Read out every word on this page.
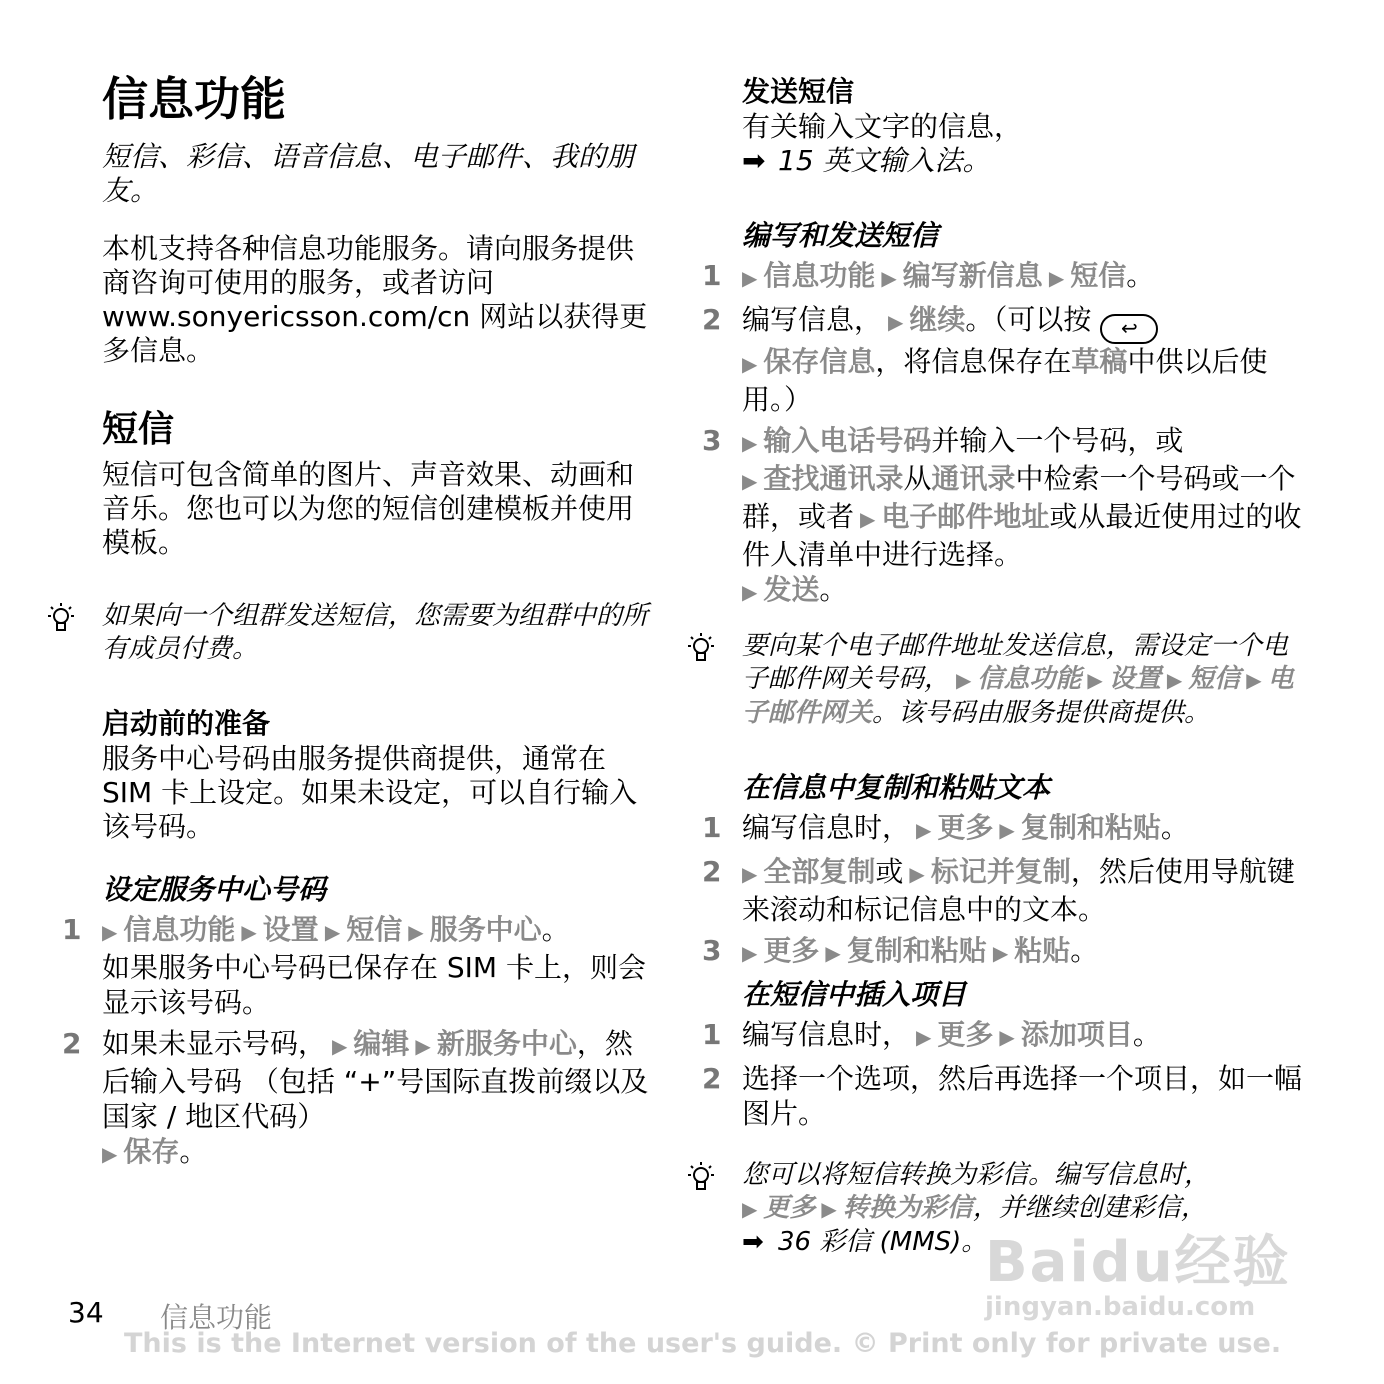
信息功能
短信、彩信、语音信息、电子邮件、我的朋友。
本机支持各种信息功能服务。请向服务提供商咨询可使用的服务，或者访问 www.sonyericsson.com/cn 网站以获得更多信息。
短信
短信可包含简单的图片、声音效果、动画和音乐。您也可以为您的短信创建模板并使用模板。
如果向一个组群发送短信，您需要为组群中的所有成员付费。
启动前的准备
服务中心号码由服务提供商提供，通常在 SIM 卡上设定。如果未设定，可以自行输入该号码。
设定服务中心号码
1 ▶ 信息功能 ▶ 设置 ▶ 短信 ▶ 服务中心。
如果服务中心号码已保存在 SIM 卡上，则会显示该号码。
2 如果未显示号码， ▶ 编辑 ▶ 新服务中心，然后输入号码 （包括 “+”号国际直拨前缀以及国家 / 地区代码）
▶ 保存。
发送短信
有关输入文字的信息，
➡ 15 英文输入法。
编写和发送短信
1 ▶ 信息功能 ▶ 编写新信息 ▶ 短信。
2 编写信息， ▶ 继续。（可以按 ↩
▶ 保存信息，将信息保存在草稿中供以后使用。）
3 ▶ 输入电话号码并输入一个号码，或
▶ 查找通讯录从通讯录中检索一个号码或一个群，或者 ▶ 电子邮件地址或从最近使用过的收件人清单中进行选择。
▶ 发送。
要向某个电子邮件地址发送信息，需设定一个电子邮件网关号码， ▶ 信息功能 ▶ 设置 ▶ 短信 ▶ 电子邮件网关。该号码由服务提供商提供。
在信息中复制和粘贴文本
1 编写信息时， ▶ 更多 ▶ 复制和粘贴。
2 ▶ 全部复制或 ▶ 标记并复制，然后使用导航键来滚动和标记信息中的文本。
3 ▶ 更多 ▶ 复制和粘贴 ▶ 粘贴。
在短信中插入项目
1 编写信息时， ▶ 更多 ▶ 添加项目。
2 选择一个选项，然后再选择一个项目，如一幅图片。
您可以将短信转换为彩信。编写信息时，
▶ 更多 ▶ 转换为彩信，并继续创建彩信，
➡ 36 彩信 (MMS)。
Baidu经验
jingyan.baidu.com
34 信息功能
This is the Internet version of the user's guide. © Print only for private use.
